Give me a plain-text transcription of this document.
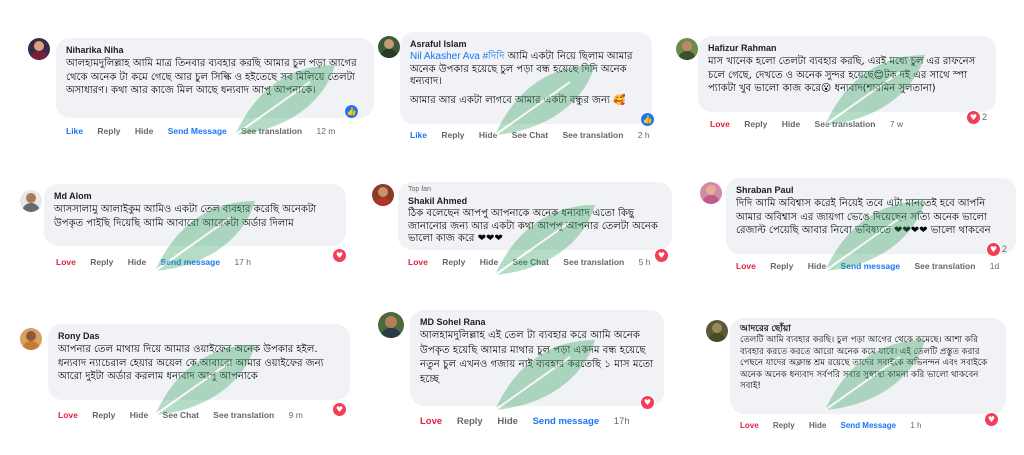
Niharika Niha
আলহামদুলিল্লাহ আমি মাত্র তিনবার ব্যবহার করছি আমার চুল পড়া আগের থেকে অনেক টা কমে গেছে আর চুল সিল্কি ও হইতেছে সব মিলিয়ে তেলটা অসাধারণ। কথা আর কাজে মিল আছে ধন্যবাদ আপু আপনাকে।
👍
Like Reply Hide Send Message See translation 12 m
Asraful Islam
Nil Akasher Ava #দিদি আমি একটা নিয়ে ছিলাম আমার অনেক উপকার হয়েছে চুল পড়া বন্ধ হয়েছে দিদি অনেক ধন্যবাদ।
আমার আর একটা লাগবে আমার একটা বন্ধুর জন্য 🥰
👍
Like Reply Hide See Chat See translation 2 h
Hafizur Rahman
মাস খানেক হলো তেলটা ব্যবহার করছি, এরই মধ্যে চুল এর রাফনেস চলে গেছে, দেখতে ও অনেক সুন্দর হয়েছে😊টক দই এর সাথে স্পা প্যাকটা খুব ভালো কাজ করে😮 ধন্যবাদ(শারমিন সুলতানা)
Love Reply Hide See translation 7 w
♥ 2
Md Alom
আসসালামু আলাইকুম আমিও একটা তেল ব্যবহার করেছি অনেকটা উপকৃত পাইছি দিয়েছি আমি আবারো আরেকটা অর্ডার দিলাম
Love Reply Hide Send message 17 h
♥
Top fan
Shakil Ahmed
ঠিক বলেছেন আপপু আপনাকে অনেক ধন্যবাদ এতো কিছু জানানোর জন্য আর একটা কথা আপপু আপনার তেলটা অনেক ভালো কাজ করে ❤❤❤
Love Reply Hide See Chat See translation 5 h
♥
Shraban Paul
দিদি আমি অবিশ্বাস করেই নিয়েই তবে এটা মানতেই হবে আপনি আমার অবিশ্বাস এর জায়গা ভেঙে দিয়েছেন সত্যি অনেক ভালো রেজাল্ট পেয়েছি আবার নিবো ভবিষ্যতে ❤❤❤❤ ভালো থাকবেন
♥ 2
Love Reply Hide Send message See translation 1d
Rony Das
আপনার তেল মাথায় দিয়ে আমার ওয়াইফের অনেক উপকার হইল. ধন্যবাদ ন্যাচেরাল হেয়ার অয়েল কে.আবারো আমার ওয়াইফের জন্য আরো দুইটা অর্ডার করলাম ধন্যবাদ আপু আপনাকে
Love Reply Hide See Chat See translation 9 m
♥
MD Sohel Rana
আলহামদুলিল্লাহ এই তেল টা ব্যবহার করে আমি অনেক উপকৃত হয়েছি আমার মাথার চুল পড়া একদম বন্ধ হয়েছে নতুন চুল এখনও গজায় নাই ব্যবহার করতেছি ১ মাস মতো হচ্ছে
♥
Love Reply Hide Send message 17h
আদরের ছোঁয়া
তেলটি আমি ব্যবহার করছি। চুল পড়া আগের থেকে কমেছে। আশা করি ব্যবহার করতে করতে আরো অনেক কমে যাবে। এই তেলটি প্রস্তুত করার পেছনে যাদের অক্লান্ত শ্রম রয়েছে তাদের সবাইকে অভিনন্দন এবং সবাইকে অনেক অনেক ধন্যবাদ সর্বপরি সবার সুস্বাস্থ্য কামনা করি ভালো থাকবেন সবাই!
Love Reply Hide Send Message 1 h
♥
